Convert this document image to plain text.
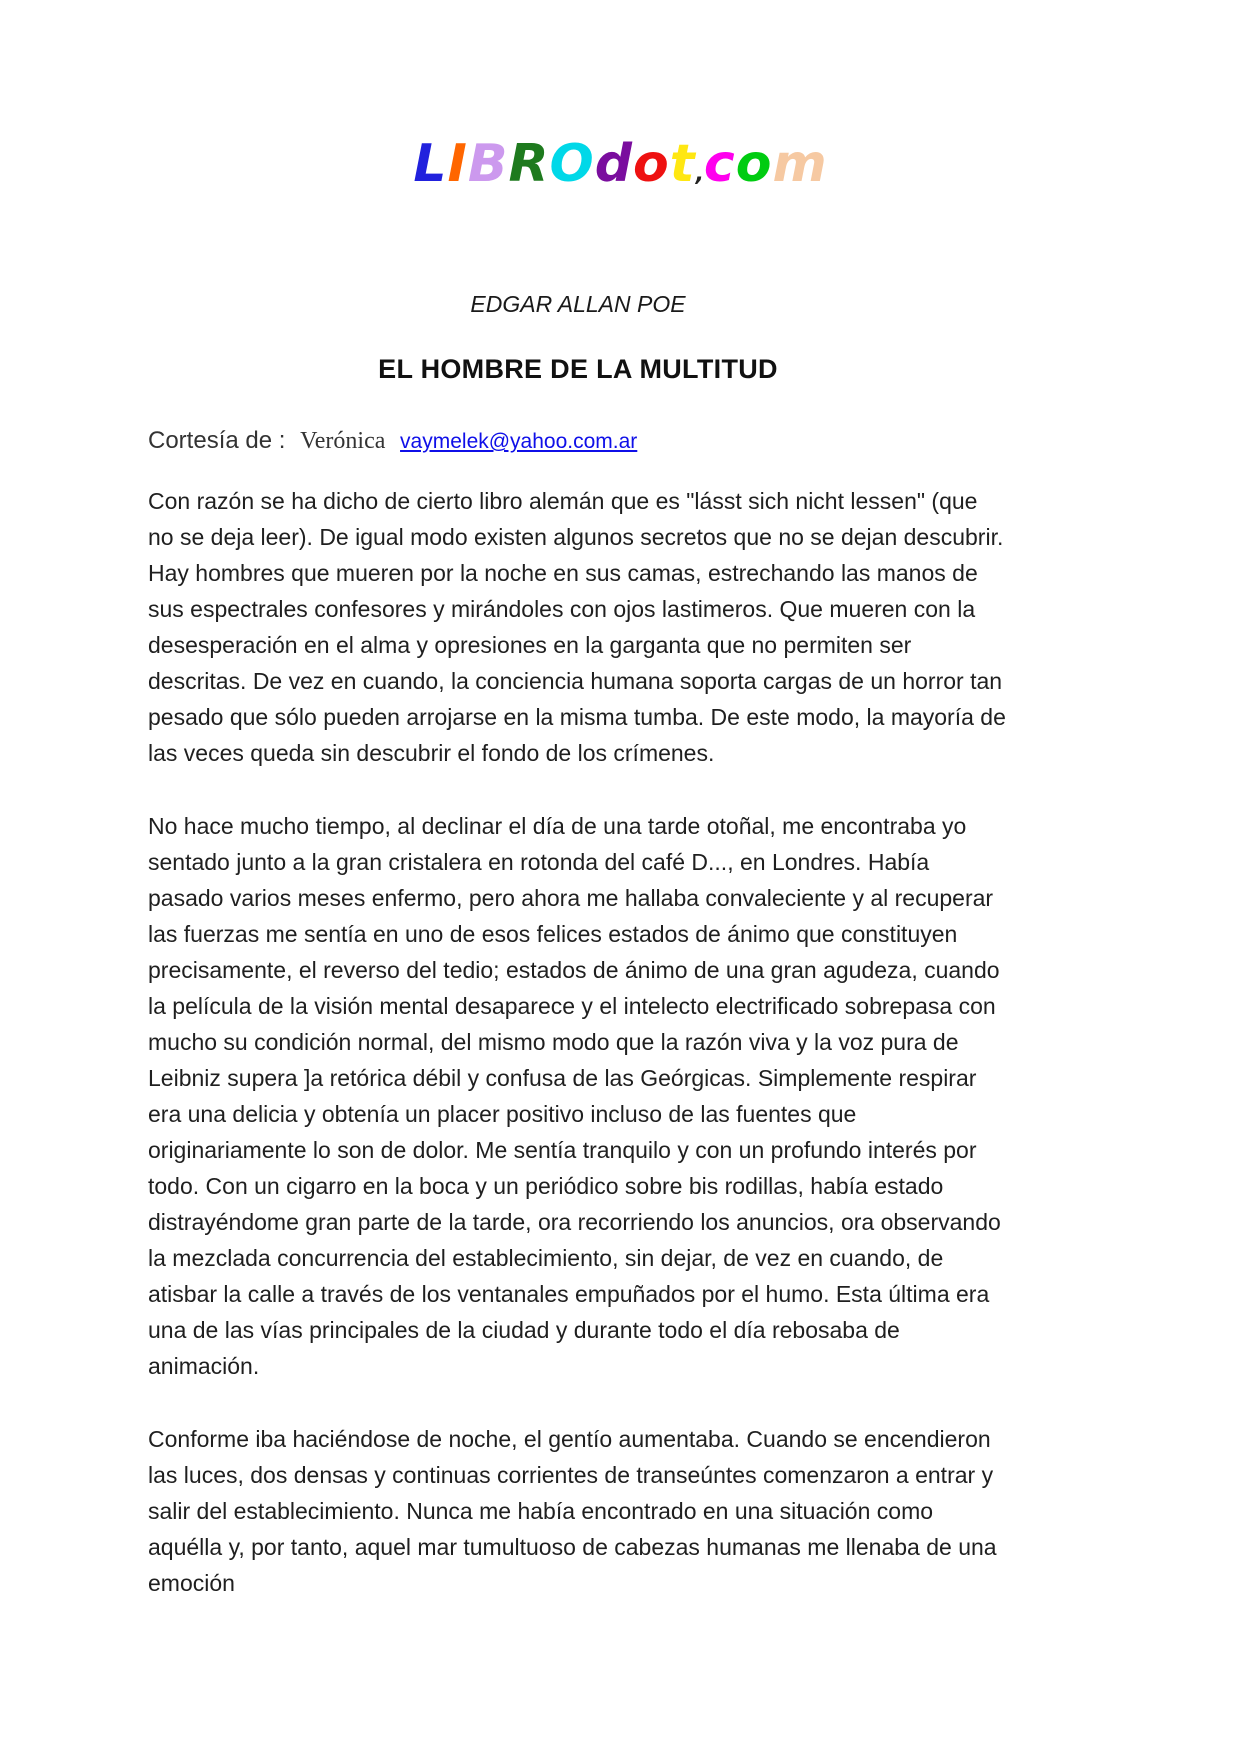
LIBROdot,com
EDGAR ALLAN POE
EL HOMBRE DE LA MULTITUD
Cortesía de : Verónica vaymelek@yahoo.com.ar

Con razón se ha dicho de cierto libro alemán que es "lásst sich nicht lessen" (que no se deja leer). De igual modo existen algunos secretos que no se dejan descubrir. Hay hombres que mueren por la noche en sus camas, estrechando las manos de sus espectrales confesores y mirándoles con ojos lastimeros. Que mueren con la desesperación en el alma y opresiones en la garganta que no permiten ser descritas. De vez en cuando, la conciencia humana soporta cargas de un horror tan pesado que sólo pueden arrojarse en la misma tumba. De este modo, la mayoría de las veces queda sin descubrir el fondo de los crímenes.

No hace mucho tiempo, al declinar el día de una tarde otoñal, me encontraba yo sentado junto a la gran cristalera en rotonda del café D..., en Londres. Había pasado varios meses enfermo, pero ahora me hallaba convaleciente y al recuperar las fuerzas me sentía en uno de esos felices estados de ánimo que constituyen precisamente, el reverso del tedio; estados de ánimo de una gran agudeza, cuando la película de la visión mental desaparece y el intelecto electrificado sobrepasa con mucho su condición normal, del mismo modo que la razón viva y la voz pura de Leibniz supera ]a retórica débil y confusa de las Geórgicas. Simplemente respirar era una delicia y obtenía un placer positivo incluso de las fuentes que originariamente lo son de dolor. Me sentía tranquilo y con un profundo interés por todo. Con un cigarro en la boca y un periódico sobre bis rodillas, había estado distrayéndome gran parte de la tarde, ora recorriendo los anuncios, ora observando la mezclada concurrencia del establecimiento, sin dejar, de vez en cuando, de atisbar la calle a través de los ventanales empuñados por el humo. Esta última era una de las vías principales de la ciudad y durante todo el día rebosaba de animación.

Conforme iba haciéndose de noche, el gentío aumentaba. Cuando se encendieron las luces, dos densas y continuas corrientes de transeúntes comenzaron a entrar y salir del establecimiento. Nunca me había encontrado en una situación como aquélla y, por tanto, aquel mar tumultuoso de cabezas humanas me llenaba de una emoción
